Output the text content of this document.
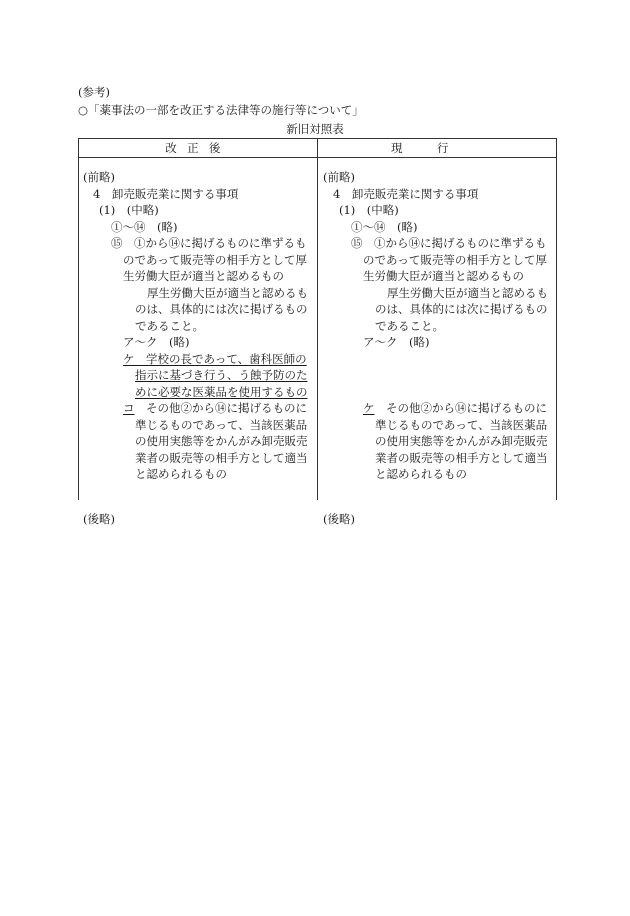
(参考)
○「薬事法の一部を改正する法律等の施行等について」
新旧対照表
改正後	現行
(前略)
4　卸売販売業に関する事項
(1)　(中略)
①〜⑭　(略)
⑮　①から⑭に掲げるものに準ずるも
のであって販売等の相手方として厚
生労働大臣が適当と認めるもの
厚生労働大臣が適当と認めるも
のは、具体的には次に掲げるもの
であること。
ア〜ク　(略)
ケ　学校の長であって、歯科医師の
指示に基づき行う、う蝕予防のた
めに必要な医薬品を使用するもの
コ　その他②から⑭に掲げるものに
準じるものであって、当該医薬品
の使用実態等をかんがみ卸売販売
業者の販売等の相手方として適当
と認められるもの
(後略)
(前略)
4　卸売販売業に関する事項
(1)　(中略)
①〜⑭　(略)
⑮　①から⑭に掲げるものに準ずるも
のであって販売等の相手方として厚
生労働大臣が適当と認めるもの
厚生労働大臣が適当と認めるも
のは、具体的には次に掲げるもの
であること。
ア〜ク　(略)
ケ　その他②から⑭に掲げるものに
準じるものであって、当該医薬品
の使用実態等をかんがみ卸売販売
業者の販売等の相手方として適当
と認められるもの
(後略)
